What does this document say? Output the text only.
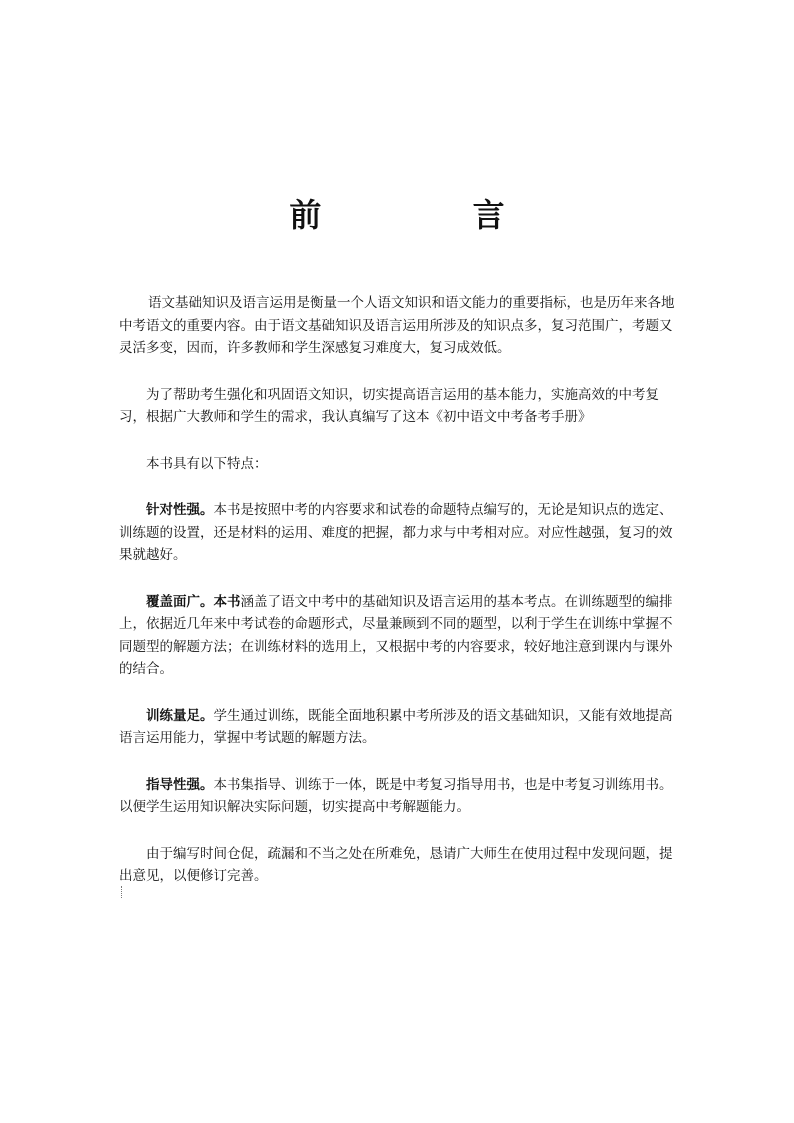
前 言

语文基础知识及语言运用是衡量一个人语文知识和语文能力的重要指标，也是历年来各地中考语文的重要内容。由于语文基础知识及语言运用所涉及的知识点多，复习范围广，考题又灵活多变，因而，许多教师和学生深感复习难度大，复习成效低。

为了帮助考生强化和巩固语文知识，切实提高语言运用的基本能力，实施高效的中考复习，根据广大教师和学生的需求，我认真编写了这本《初中语文中考备考手册》

本书具有以下特点：

针对性强。本书是按照中考的内容要求和试卷的命题特点编写的，无论是知识点的选定、训练题的设置，还是材料的运用、难度的把握，都力求与中考相对应。对应性越强，复习的效果就越好。

覆盖面广。本书涵盖了语文中考中的基础知识及语言运用的基本考点。在训练题型的编排上，依据近几年来中考试卷的命题形式，尽量兼顾到不同的题型，以利于学生在训练中掌握不同题型的解题方法；在训练材料的选用上，又根据中考的内容要求，较好地注意到课内与课外的结合。

训练量足。学生通过训练，既能全面地积累中考所涉及的语文基础知识，又能有效地提高语言运用能力，掌握中考试题的解题方法。

指导性强。本书集指导、训练于一体，既是中考复习指导用书，也是中考复习训练用书。以便学生运用知识解决实际问题，切实提高中考解题能力。

由于编写时间仓促，疏漏和不当之处在所难免，恳请广大师生在使用过程中发现问题，提出意见，以便修订完善。
